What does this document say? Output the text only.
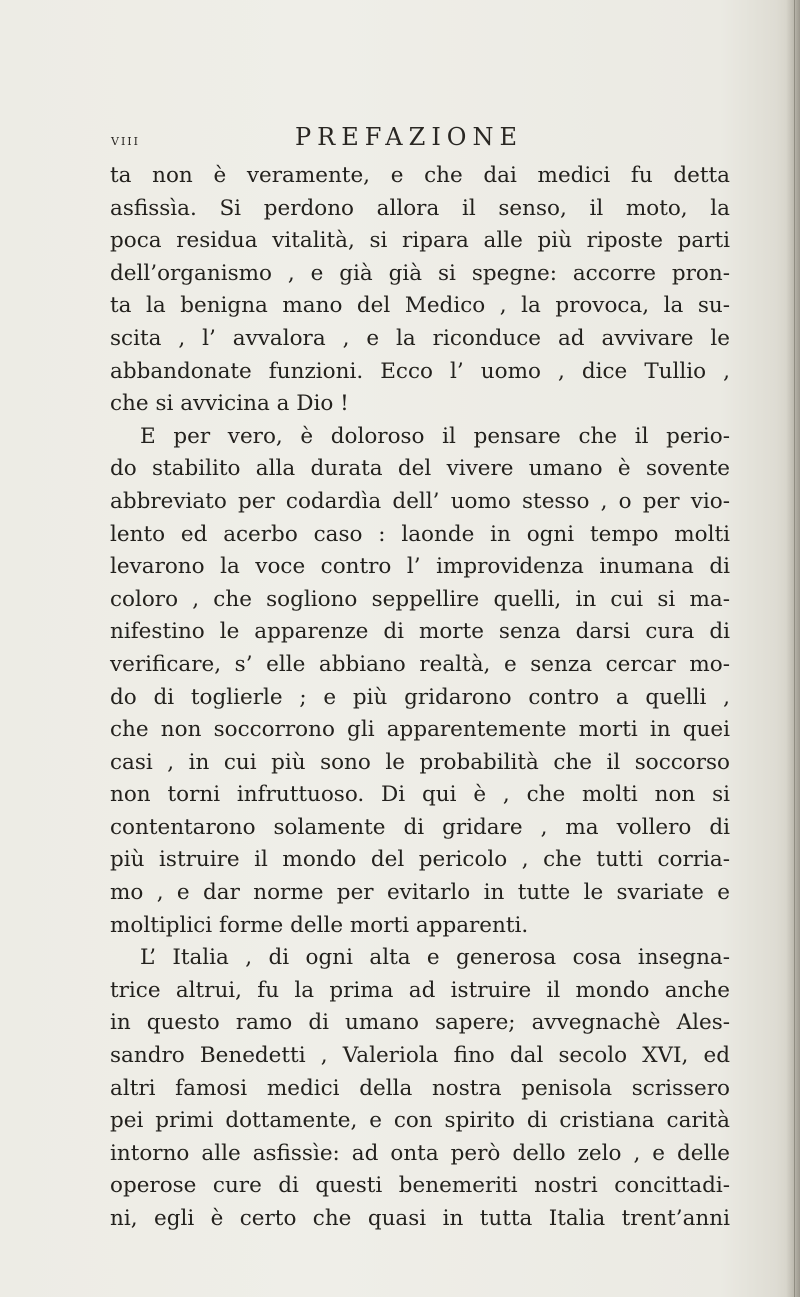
viii	PREFAZIONE
ta non è veramente, e che dai medici fu detta
asfissìa. Si perdono allora il senso, il moto, la
poca residua vitalità, si ripara alle più riposte parti
dell’organismo , e già già si spegne: accorre pron-
ta la benigna mano del Medico , la provoca, la su-
scita , l’ avvalora , e la riconduce ad avvivare le
abbandonate funzioni. Ecco l’ uomo , dice Tullio ,
che si avvicina a Dio !
E per vero, è doloroso il pensare che il perio-
do stabilito alla durata del vivere umano è sovente
abbreviato per codardìa dell’ uomo stesso , o per vio-
lento ed acerbo caso : laonde in ogni tempo molti
levarono la voce contro l’ improvidenza inumana di
coloro , che sogliono seppellire quelli, in cui si ma-
nifestino le apparenze di morte senza darsi cura di
verificare, s’ elle abbiano realtà, e senza cercar mo-
do di toglierle ; e più gridarono contro a quelli ,
che non soccorrono gli apparentemente morti in quei
casi , in cui più sono le probabilità che il soccorso
non torni infruttuoso. Di qui è , che molti non si
contentarono solamente di gridare , ma vollero di
più istruire il mondo del pericolo , che tutti corria-
mo , e dar norme per evitarlo in tutte le svariate e
moltiplici forme delle morti apparenti.
L’ Italia , di ogni alta e generosa cosa insegna-
trice altrui, fu la prima ad istruire il mondo anche
in questo ramo di umano sapere; avvegnachè Ales-
sandro Benedetti , Valeriola fino dal secolo XVI, ed
altri famosi medici della nostra penisola scrissero
pei primi dottamente, e con spirito di cristiana carità
intorno alle asfissìe: ad onta però dello zelo , e delle
operose cure di questi benemeriti nostri concittadi-
ni, egli è certo che quasi in tutta Italia trent’anni
